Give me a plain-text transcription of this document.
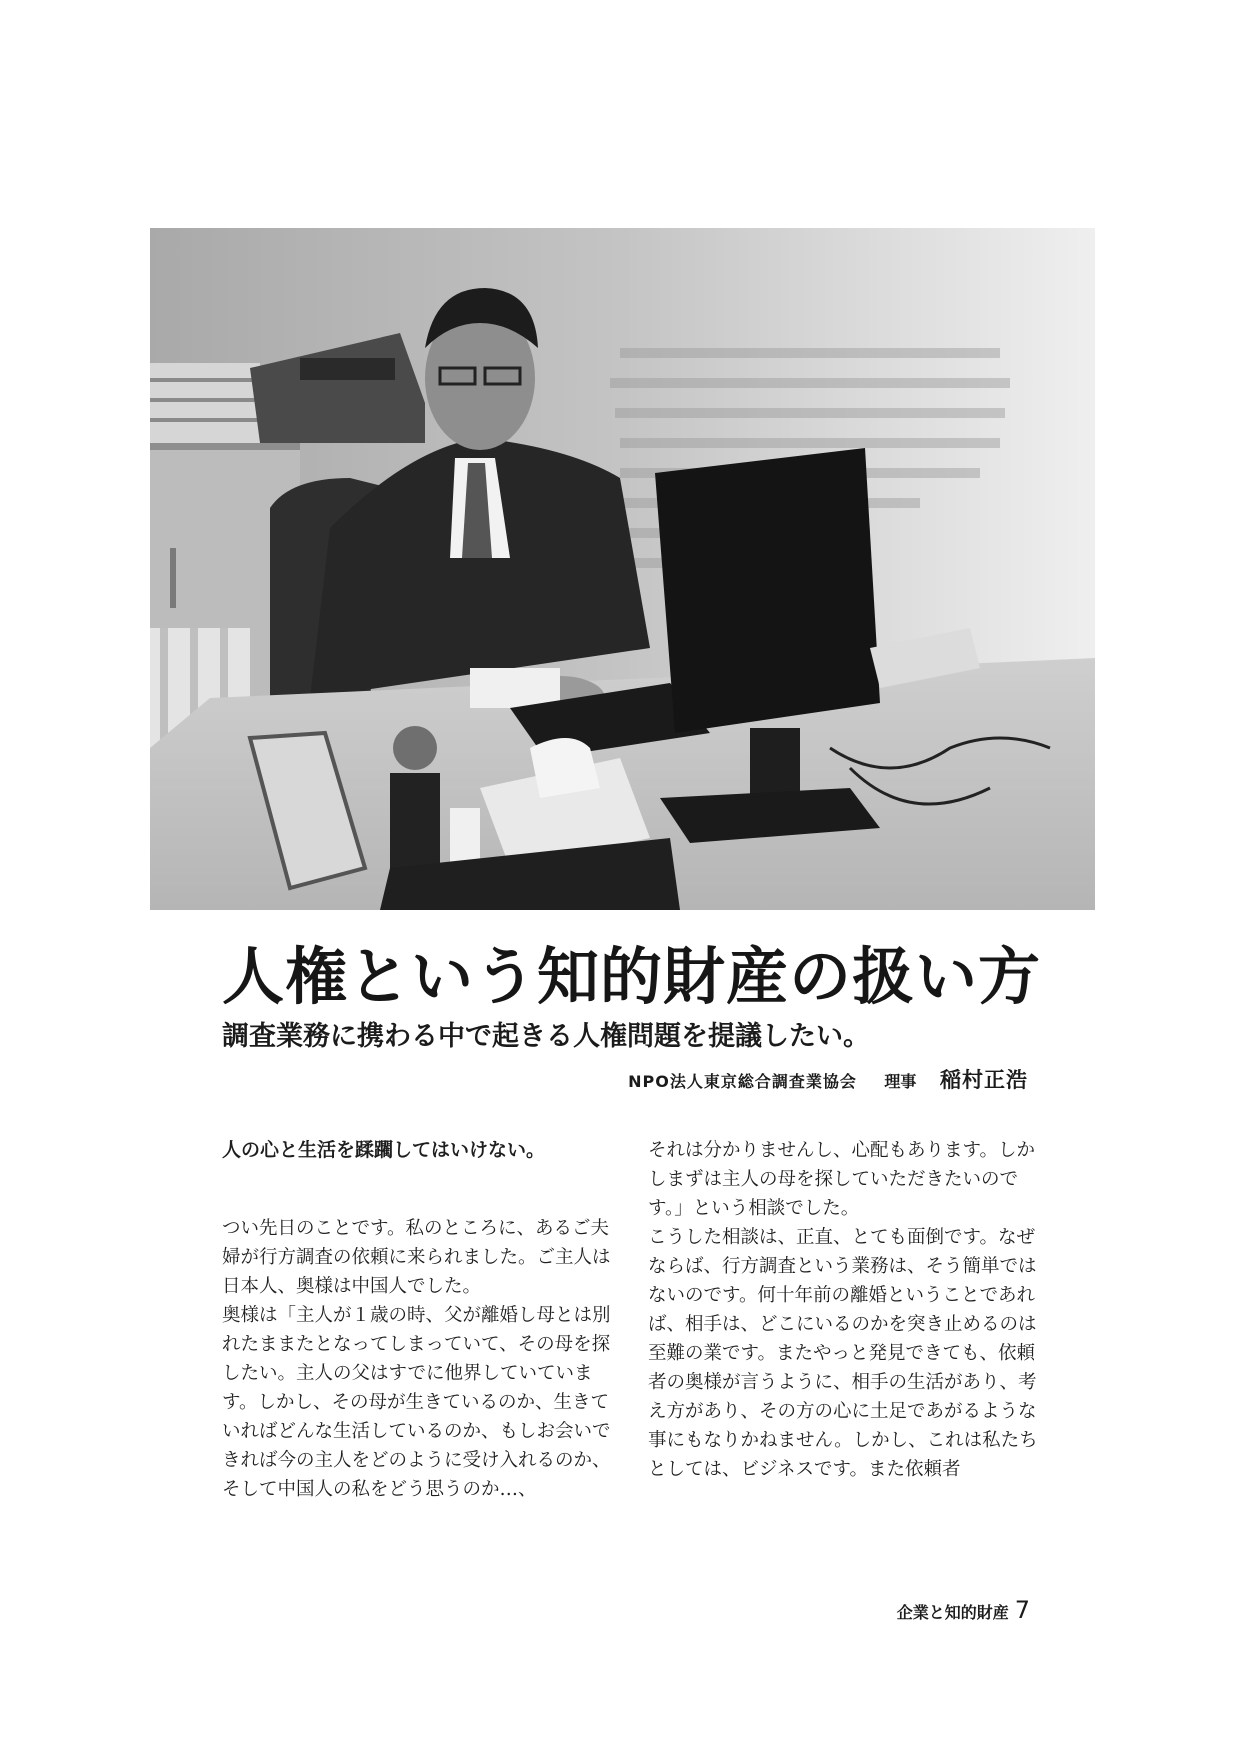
人権という知的財産の扱い方
調査業務に携わる中で起きる人権問題を提議したい。
NPO法人東京総合調査業協会 理事 稲村正浩

人の心と生活を蹂躙してはいけない。

つい先日のことです。私のところに、あるご夫婦が行方調査の依頼に来られました。ご主人は日本人、奥様は中国人でした。

奥様は「主人が１歳の時、父が離婚し母とは別れたままたとなってしまっていて、その母を探したい。主人の父はすでに他界していています。しかし、その母が生きているのか、生きていればどんな生活しているのか、もしお会いできれば今の主人をどのように受け入れるのか、そして中国人の私をどう思うのか…、

それは分かりませんし、心配もあります。しかしまずは主人の母を探していただきたいのです。」という相談でした。

こうした相談は、正直、とても面倒です。なぜならば、行方調査という業務は、そう簡単ではないのです。何十年前の離婚ということであれば、相手は、どこにいるのかを突き止めるのは至難の業です。またやっと発見できても、依頼者の奥様が言うように、相手の生活があり、考え方があり、その方の心に土足であがるような事にもなりかねません。しかし、これは私たちとしては、ビジネスです。また依頼者

企業と知的財産 7
